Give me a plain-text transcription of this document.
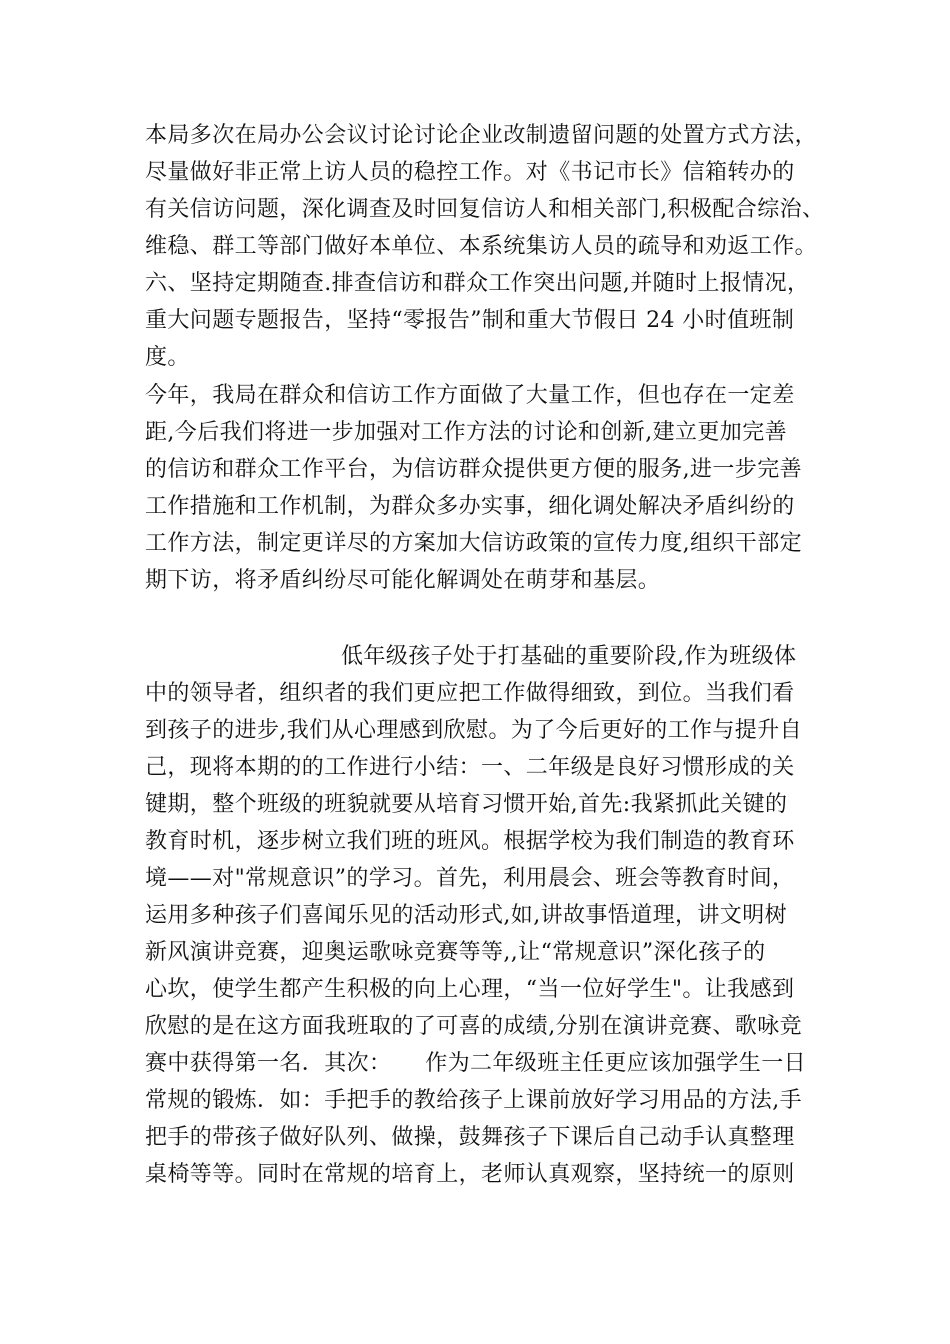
本局多次在局办公会议讨论讨论企业改制遗留问题的处置方式方法，
尽量做好非正常上访人员的稳控工作。对《书记市长》信箱转办的
有关信访问题，深化调查及时回复信访人和相关部门,积极配合综治、
维稳、群工等部门做好本单位、本系统集访人员的疏导和劝返工作。
六、坚持定期随查.排查信访和群众工作突出问题,并随时上报情况，
重大问题专题报告，坚持“零报告”制和重大节假日 24 小时值班制
度。
今年，我局在群众和信访工作方面做了大量工作，但也存在一定差
距,今后我们将进一步加强对工作方法的讨论和创新,建立更加完善
的信访和群众工作平台，为信访群众提供更方便的服务,进一步完善
工作措施和工作机制，为群众多办实事，细化调处解决矛盾纠纷的
工作方法，制定更详尽的方案加大信访政策的宣传力度,组织干部定
期下访，将矛盾纠纷尽可能化解调处在萌芽和基层。
低年级孩子处于打基础的重要阶段,作为班级体
中的领导者，组织者的我们更应把工作做得细致，到位。当我们看
到孩子的进步,我们从心理感到欣慰。为了今后更好的工作与提升自
己，现将本期的的工作进行小结：一、二年级是良好习惯形成的关
键期，整个班级的班貌就要从培育习惯开始,首先:我紧抓此关键的
教育时机，逐步树立我们班的班风。根据学校为我们制造的教育环
境——对"常规意识”的学习。首先，利用晨会、班会等教育时间，
运用多种孩子们喜闻乐见的活动形式,如,讲故事悟道理，讲文明树
新风演讲竞赛，迎奥运歌咏竞赛等等,,让“常规意识”深化孩子的
心坎，使学生都产生积极的向上心理，“当一位好学生"。让我感到
欣慰的是在这方面我班取的了可喜的成绩,分别在演讲竞赛、歌咏竞
赛中获得第一名．其次：　　作为二年级班主任更应该加强学生一日
常规的锻炼．如：手把手的教给孩子上课前放好学习用品的方法,手
把手的带孩子做好队列、做操，鼓舞孩子下课后自己动手认真整理
桌椅等等。同时在常规的培育上，老师认真观察，坚持统一的原则
